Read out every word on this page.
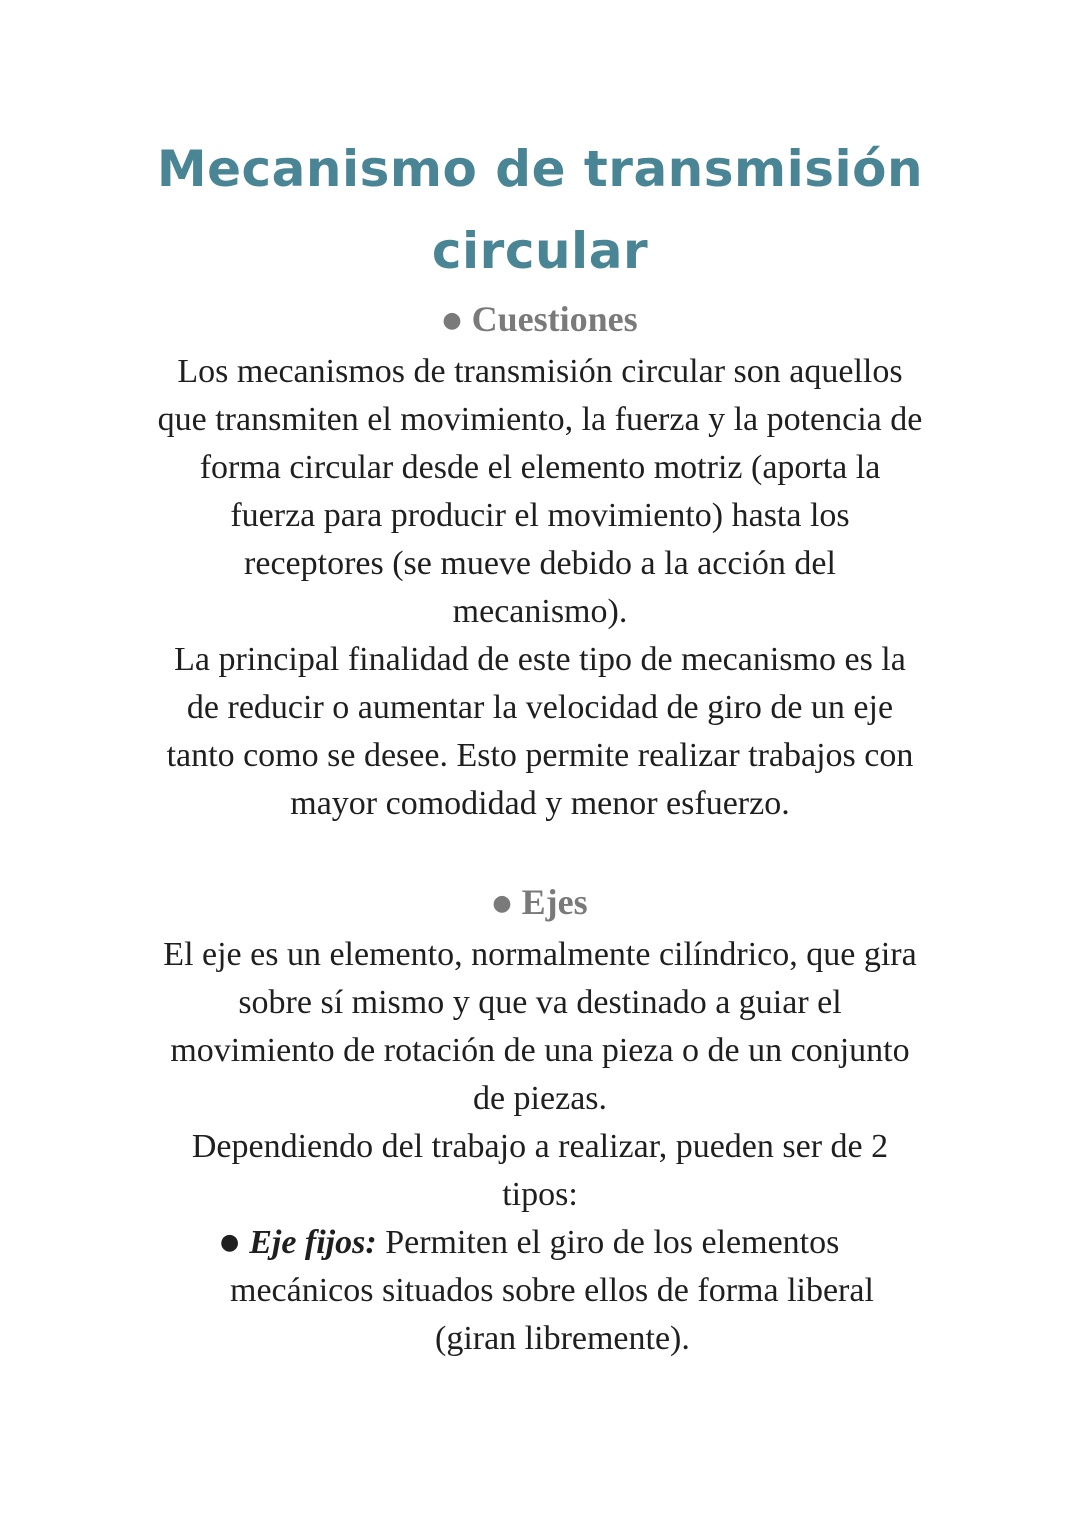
Mecanismo de transmisión
circular
● Cuestiones
Los mecanismos de transmisión circular son aquellos
que transmiten el movimiento, la fuerza y la potencia de
forma circular desde el elemento motriz (aporta la
fuerza para producir el movimiento) hasta los
receptores (se mueve debido a la acción del
mecanismo).
La principal finalidad de este tipo de mecanismo es la
de reducir o aumentar la velocidad de giro de un eje
tanto como se desee. Esto permite realizar trabajos con
mayor comodidad y menor esfuerzo.
● Ejes
El eje es un elemento, normalmente cilíndrico, que gira
sobre sí mismo y que va destinado a guiar el
movimiento de rotación de una pieza o de un conjunto
de piezas.
Dependiendo del trabajo a realizar, pueden ser de 2
tipos:
● Eje fijos: Permiten el giro de los elementos
mecánicos situados sobre ellos de forma liberal
(giran libremente).
